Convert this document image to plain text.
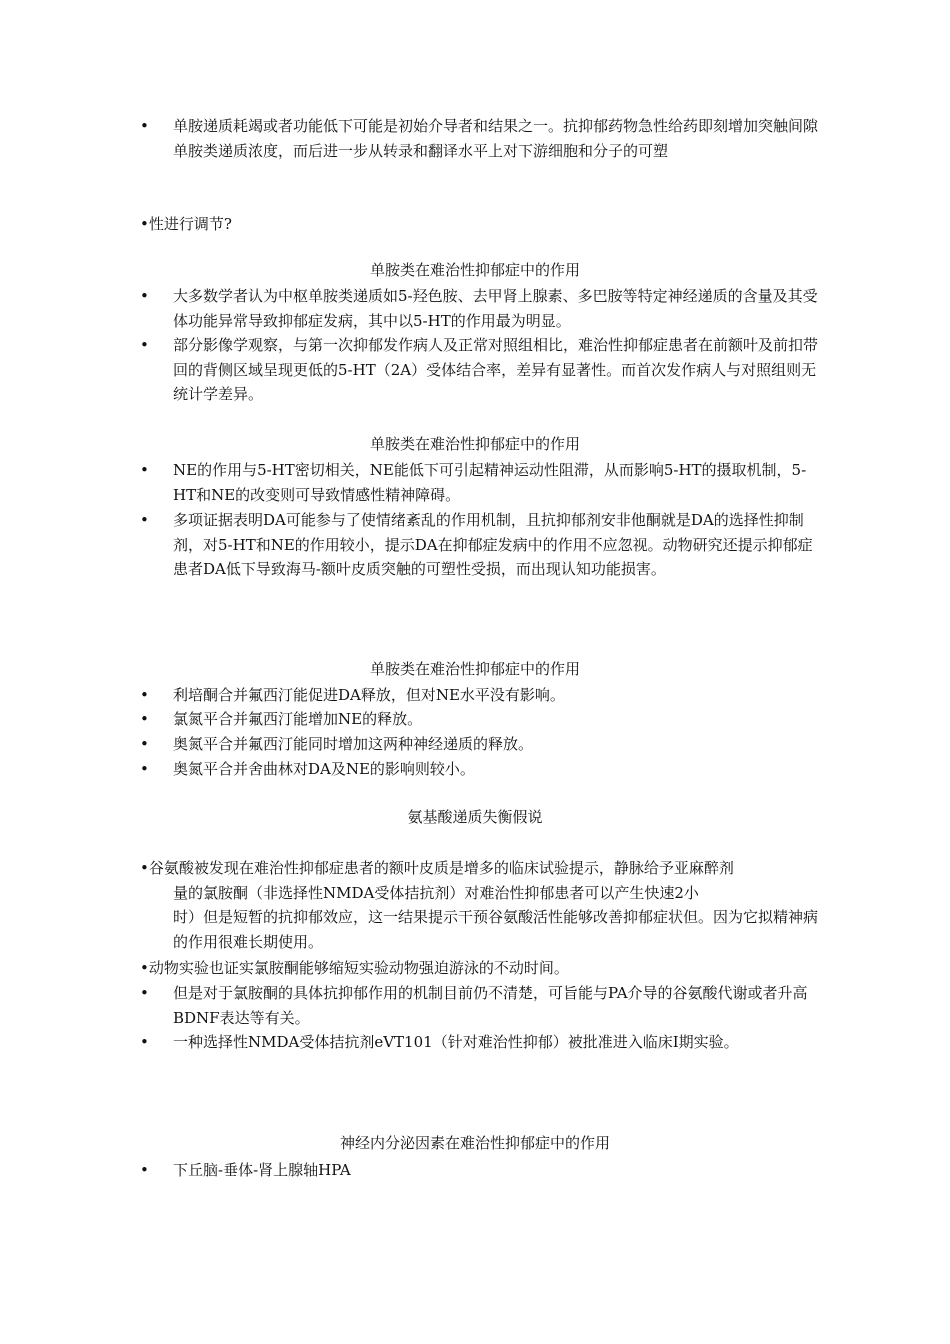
• 单胺递质耗竭或者功能低下可能是初始介导者和结果之一。抗抑郁药物急性给药即刻增加突触间隙单胺类递质浓度，而后进一步从转录和翻译水平上对下游细胞和分子的可塑
•性进行调节?
单胺类在难治性抑郁症中的作用
• 大多数学者认为中枢单胺类递质如5-羟色胺、去甲肾上腺素、多巴胺等特定神经递质的含量及其受体功能异常导致抑郁症发病，其中以5-HT的作用最为明显。
• 部分影像学观察，与第一次抑郁发作病人及正常对照组相比，难治性抑郁症患者在前额叶及前扣带回的背侧区域呈现更低的5-HT（2A）受体结合率，差异有显著性。而首次发作病人与对照组则无统计学差异。
单胺类在难治性抑郁症中的作用
• NE的作用与5-HT密切相关，NE能低下可引起精神运动性阻滞，从而影响5-HT的摄取机制，5-HT和NE的改变则可导致情感性精神障碍。
• 多项证据表明DA可能参与了使情绪紊乱的作用机制，且抗抑郁剂安非他酮就是DA的选择性抑制剂，对5-HT和NE的作用较小，提示DA在抑郁症发病中的作用不应忽视。动物研究还提示抑郁症患者DA低下导致海马-额叶皮质突触的可塑性受损，而出现认知功能损害。
单胺类在难治性抑郁症中的作用
• 利培酮合并氟西汀能促进DA释放，但对NE水平没有影响。
• 氯氮平合并氟西汀能增加NE的释放。
• 奥氮平合并氟西汀能同时增加这两种神经递质的释放。
• 奥氮平合并舍曲林对DA及NE的影响则较小。
氨基酸递质失衡假说
•谷氨酸被发现在难治性抑郁症患者的额叶皮质是增多的临床试验提示，静脉给予亚麻醉剂
量的氯胺酮（非选择性NMDA受体拮抗剂）对难治性抑郁患者可以产生快速2小
时）但是短暂的抗抑郁效应，这一结果提示干预谷氨酸活性能够改善抑郁症状但。因为它拟精神病的作用很难长期使用。
•动物实验也证实氯胺酮能够缩短实验动物强迫游泳的不动时间。
• 但是对于氯胺酮的具体抗抑郁作用的机制目前仍不清楚，可旨能与PA介导的谷氨酸代谢或者升高BDNF表达等有关。
• 一种选择性NMDA受体拮抗剂eVT101（针对难治性抑郁）被批准进入临床I期实验。
神经内分泌因素在难治性抑郁症中的作用
• 下丘脑-垂体-肾上腺轴HPA
